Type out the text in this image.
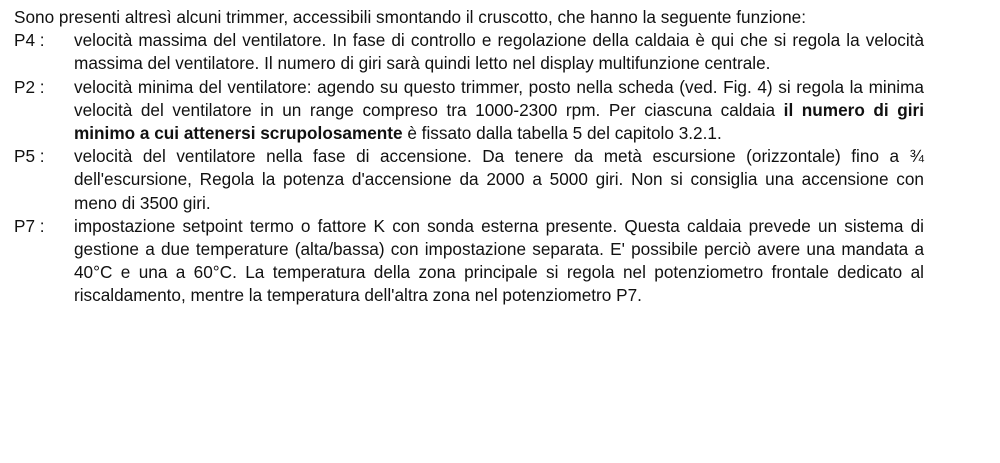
Sono presenti altresì alcuni trimmer, accessibili smontando il cruscotto, che hanno la seguente funzione:
P4 :	velocità massima del ventilatore. In fase di controllo e regolazione della caldaia è qui che si regola la velocità massima del ventilatore. Il numero di giri sarà quindi letto nel display multifunzione centrale.
P2 :	velocità minima del ventilatore: agendo su questo trimmer, posto nella scheda (ved. Fig. 4) si regola la minima velocità del ventilatore in un range compreso tra 1000-2300 rpm. Per ciascuna caldaia il numero di giri minimo a cui attenersi scrupolosamente è fissato dalla tabella 5 del capitolo 3.2.1.
P5 :	velocità del ventilatore nella fase di accensione. Da tenere da metà escursione (orizzontale) fino a ¾ dell'escursione, Regola la potenza d'accensione da 2000 a 5000 giri. Non si consiglia una accensione con meno di 3500 giri.
P7 :	impostazione setpoint termo o fattore K con sonda esterna presente. Questa caldaia prevede un sistema di gestione a due temperature (alta/bassa) con impostazione separata. E' possibile perciò avere una mandata a 40°C e una a 60°C. La temperatura della zona principale si regola nel potenziometro frontale dedicato al riscaldamento, mentre la temperatura dell'altra zona nel potenziometro P7.
